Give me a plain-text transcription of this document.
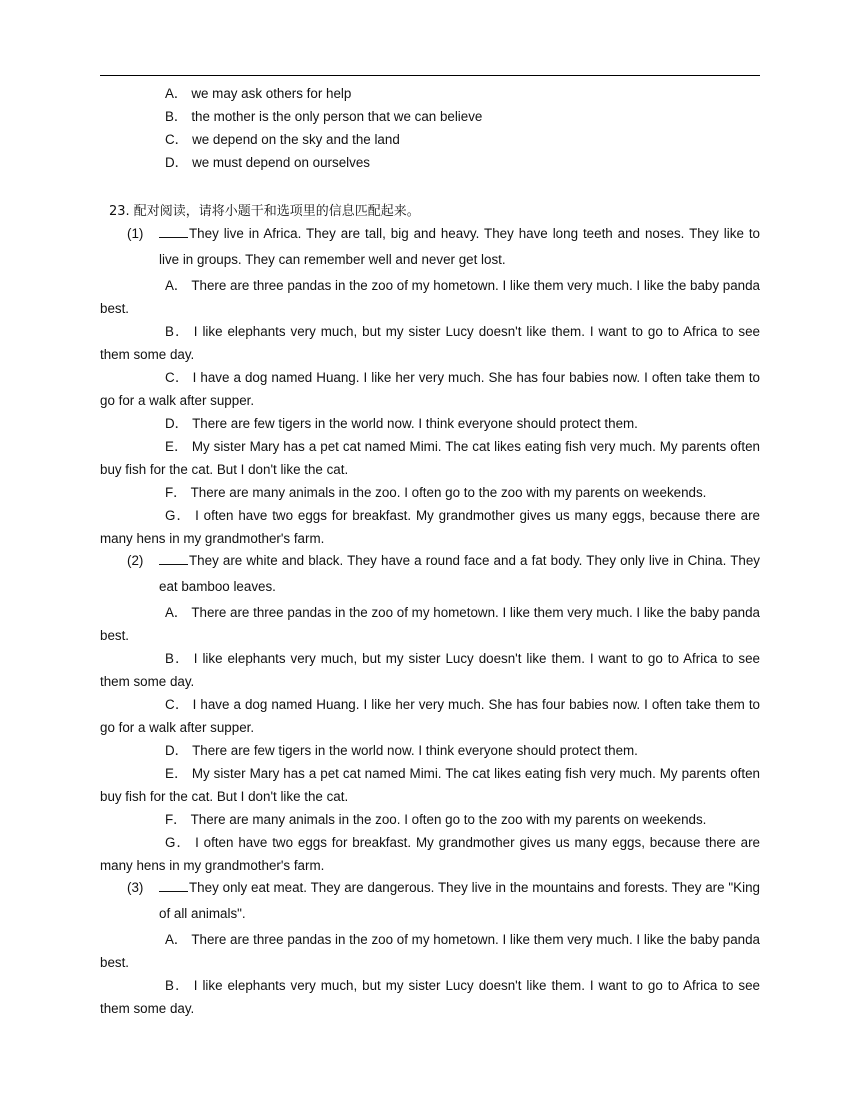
A． we may ask others for help
B． the mother is the only person that we can believe
C． we depend on the sky and the land
D． we must depend on ourselves
23. 配对阅读，请将小题干和选项里的信息匹配起来。
(1)	They live in Africa. They are tall, big and heavy. They have long teeth and noses. They like to live in groups. They can remember well and never get lost.
A． There are three pandas in the zoo of my hometown. I like them very much. I like the baby panda best.
B． I like elephants very much, but my sister Lucy doesn't like them. I want to go to Africa to see them some day.
C． I have a dog named Huang. I like her very much. She has four babies now. I often take them to go for a walk after supper.
D． There are few tigers in the world now. I think everyone should protect them.
E． My sister Mary has a pet cat named Mimi. The cat likes eating fish very much. My parents often buy fish for the cat. But I don't like the cat.
F． There are many animals in the zoo. I often go to the zoo with my parents on weekends.
G． I often have two eggs for breakfast. My grandmother gives us many eggs, because there are many hens in my grandmother's farm.
(2)	They are white and black. They have a round face and a fat body. They only live in China. They eat bamboo leaves.
A． There are three pandas in the zoo of my hometown. I like them very much. I like the baby panda best.
B． I like elephants very much, but my sister Lucy doesn't like them. I want to go to Africa to see them some day.
C． I have a dog named Huang. I like her very much. She has four babies now. I often take them to go for a walk after supper.
D． There are few tigers in the world now. I think everyone should protect them.
E． My sister Mary has a pet cat named Mimi. The cat likes eating fish very much. My parents often buy fish for the cat. But I don't like the cat.
F． There are many animals in the zoo. I often go to the zoo with my parents on weekends.
G． I often have two eggs for breakfast. My grandmother gives us many eggs, because there are many hens in my grandmother's farm.
(3)	They only eat meat. They are dangerous. They live in the mountains and forests. They are "King of all animals".
A． There are three pandas in the zoo of my hometown. I like them very much. I like the baby panda best.
B． I like elephants very much, but my sister Lucy doesn't like them. I want to go to Africa to see them some day.
